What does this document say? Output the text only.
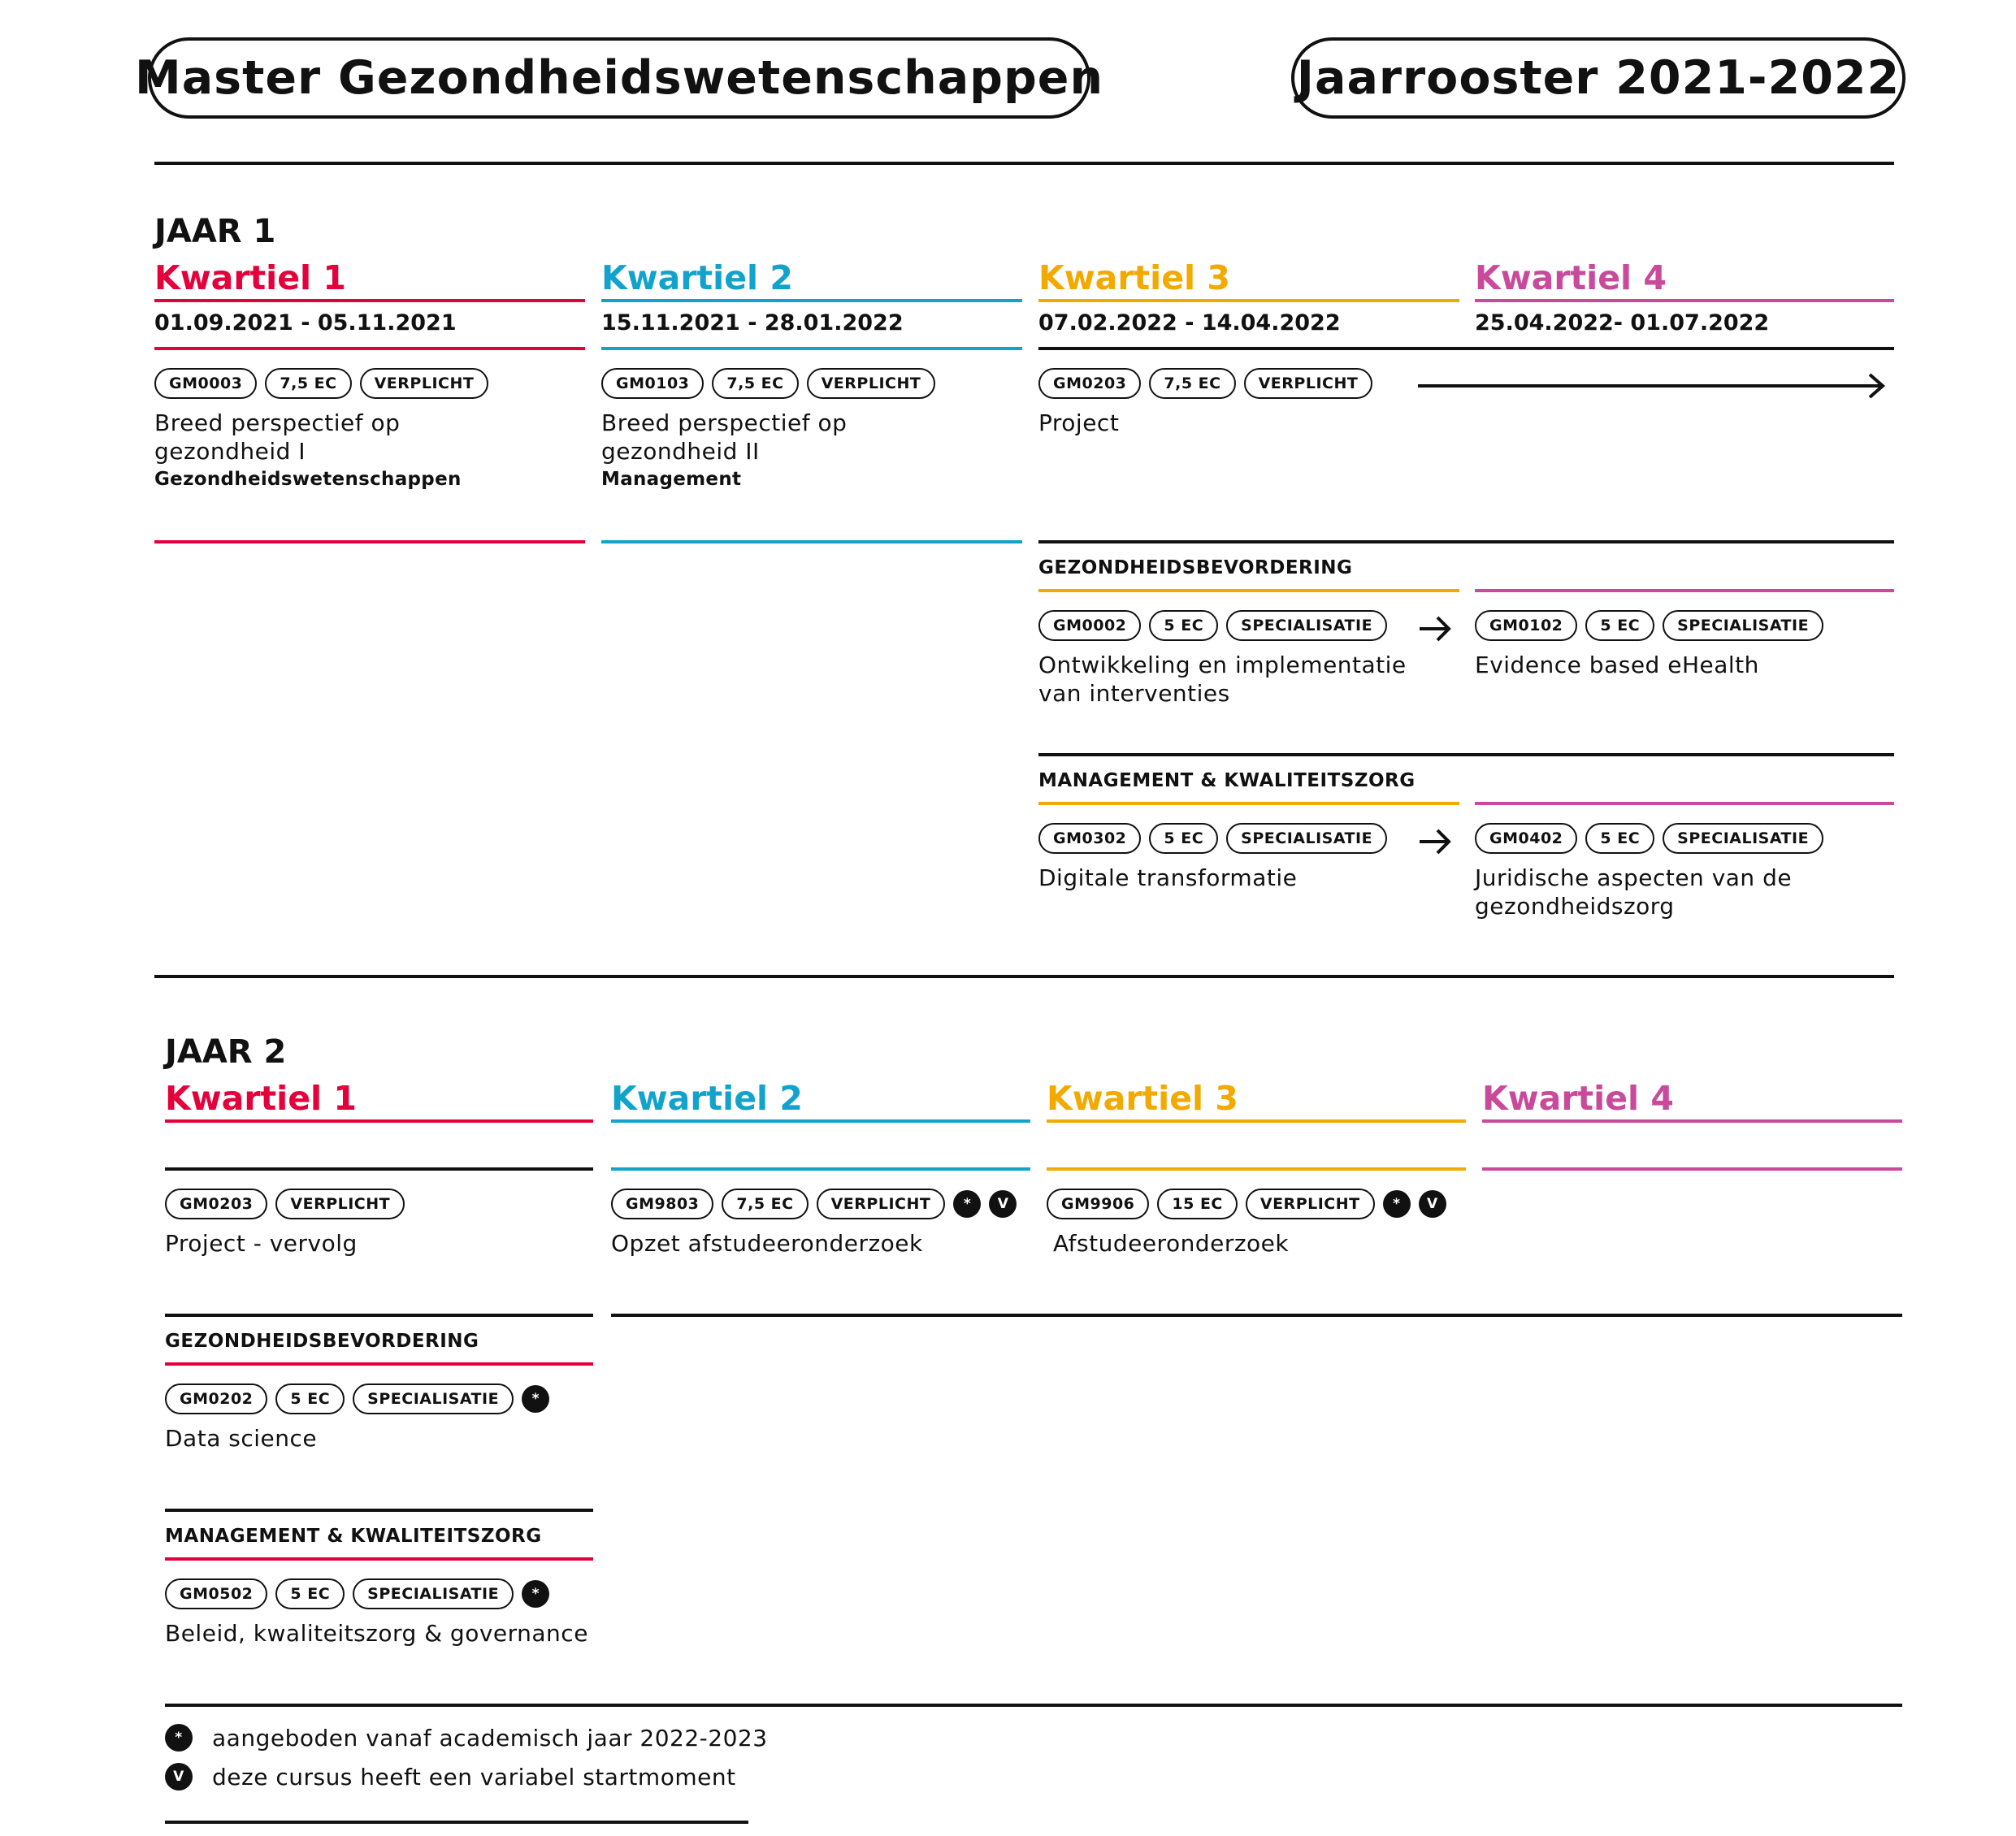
Master Gezondheidswetenschappen	Jaarrooster 2021-2022
JAAR 1
Kwartiel 1	Kwartiel 2	Kwartiel 3	Kwartiel 4
01.09.2021 - 05.11.2021	15.11.2021 - 28.01.2022	07.02.2022 - 14.04.2022	25.04.2022- 01.07.2022
GM0003	7,5 EC	VERPLICHT
Breed perspectief op
gezondheid I
Gezondheidswetenschappen
GM0103	7,5 EC	VERPLICHT
Breed perspectief op
gezondheid II
Management
GM0203	7,5 EC	VERPLICHT
Project
GEZONDHEIDSBEVORDERING
GM0002	5 EC	SPECIALISATIE
Ontwikkeling en implementatie
van interventies
GM0102	5 EC	SPECIALISATIE
Evidence based eHealth
MANAGEMENT & KWALITEITSZORG
GM0302	5 EC	SPECIALISATIE
Digitale transformatie
GM0402	5 EC	SPECIALISATIE
Juridische aspecten van de
gezondheidszorg
JAAR 2
Kwartiel 1	Kwartiel 2	Kwartiel 3	Kwartiel 4
GM0203	VERPLICHT
Project - vervolg
GM9803	7,5 EC	VERPLICHT	*	V
Opzet afstudeeronderzoek
GM9906	15 EC	VERPLICHT	*	V
Afstudeeronderzoek
GEZONDHEIDSBEVORDERING
GM0202	5 EC	SPECIALISATIE	*
Data science
MANAGEMENT & KWALITEITSZORG
GM0502	5 EC	SPECIALISATIE	*
Beleid, kwaliteitszorg & governance
*	aangeboden vanaf academisch jaar 2022-2023
V	deze cursus heeft een variabel startmoment
